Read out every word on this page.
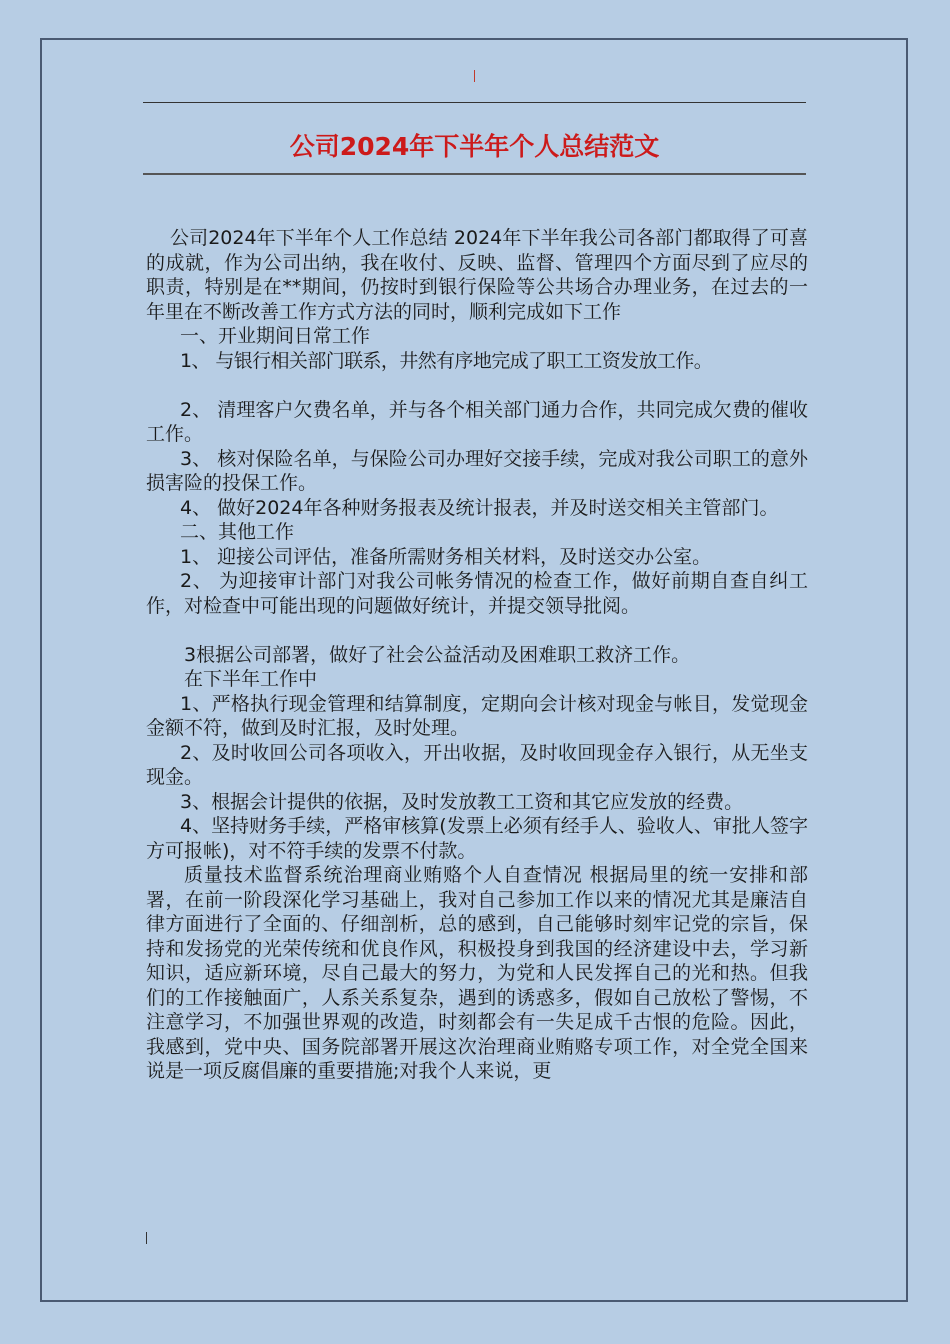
公司2024年下半年个人总结范文

公司2024年下半年个人工作总结 2024年下半年我公司各部门都取得了可喜的成就，作为公司出纳，我在收付、反映、监督、管理四个方面尽到了应尽的职责，特别是在**期间，仍按时到银行保险等公共场合办理业务，在过去的一年里在不断改善工作方式方法的同时，顺利完成如下工作

一、开业期间日常工作

1、 与银行相关部门联系，井然有序地完成了职工工资发放工作。

2、 清理客户欠费名单，并与各个相关部门通力合作，共同完成欠费的催收工作。

3、 核对保险名单，与保险公司办理好交接手续，完成对我公司职工的意外损害险的投保工作。

4、 做好2024年各种财务报表及统计报表，并及时送交相关主管部门。

二、其他工作

1、 迎接公司评估，准备所需财务相关材料，及时送交办公室。

2、 为迎接审计部门对我公司帐务情况的检查工作，做好前期自查自纠工作，对检查中可能出现的问题做好统计，并提交领导批阅。

3根据公司部署，做好了社会公益活动及困难职工救济工作。

在下半年工作中

1、严格执行现金管理和结算制度，定期向会计核对现金与帐目，发觉现金金额不符，做到及时汇报，及时处理。

2、及时收回公司各项收入，开出收据，及时收回现金存入银行，从无坐支现金。

3、根据会计提供的依据，及时发放教工工资和其它应发放的经费。

4、坚持财务手续，严格审核算(发票上必须有经手人、验收人、审批人签字方可报帐)，对不符手续的发票不付款。

质量技术监督系统治理商业贿赂个人自查情况 根据局里的统一安排和部署，在前一阶段深化学习基础上，我对自己参加工作以来的情况尤其是廉洁自律方面进行了全面的、仔细剖析，总的感到，自己能够时刻牢记党的宗旨，保持和发扬党的光荣传统和优良作风，积极投身到我国的经济建设中去，学习新知识，适应新环境，尽自己最大的努力，为党和人民发挥自己的光和热。但我们的工作接触面广，人系关系复杂，遇到的诱惑多，假如自己放松了警惕，不注意学习，不加强世界观的改造，时刻都会有一失足成千古恨的危险。因此，我感到，党中央、国务院部署开展这次治理商业贿赂专项工作，对全党全国来说是一项反腐倡廉的重要措施;对我个人来说，更
